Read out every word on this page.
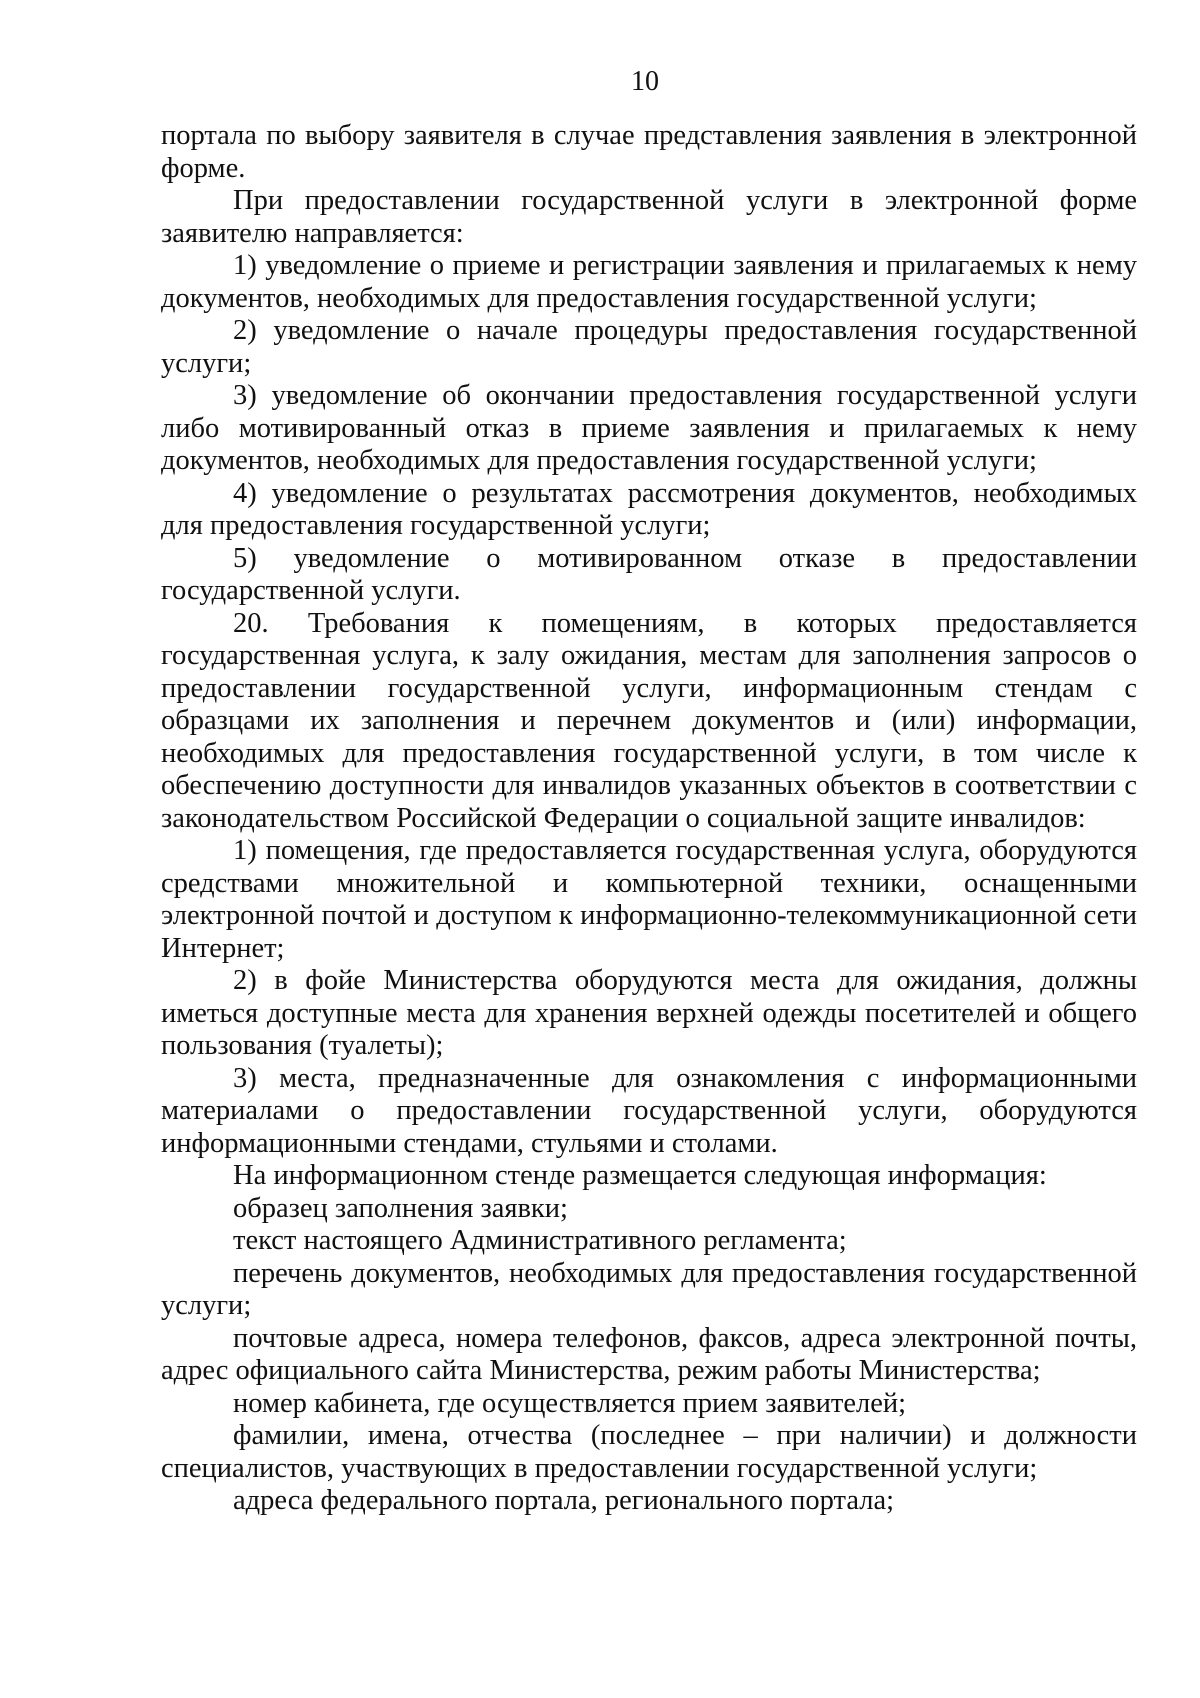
10

портала по выбору заявителя в случае представления заявления в электронной форме.

При предоставлении государственной услуги в электронной форме заявителю направляется:

1) уведомление о приеме и регистрации заявления и прилагаемых к нему документов, необходимых для предоставления государственной услуги;

2) уведомление о начале процедуры предоставления государственной услуги;

3) уведомление об окончании предоставления государственной услуги либо мотивированный отказ в приеме заявления и прилагаемых к нему документов, необходимых для предоставления государственной услуги;

4) уведомление о результатах рассмотрения документов, необходимых для предоставления государственной услуги;

5) уведомление о мотивированном отказе в предоставлении государственной услуги.

20. Требования к помещениям, в которых предоставляется государственная услуга, к залу ожидания, местам для заполнения запросов о предоставлении государственной услуги, информационным стендам с образцами их заполнения и перечнем документов и (или) информации, необходимых для предоставления государственной услуги, в том числе к обеспечению доступности для инвалидов указанных объектов в соответствии с законодательством Российской Федерации о социальной защите инвалидов:

1) помещения, где предоставляется государственная услуга, оборудуются средствами множительной и компьютерной техники, оснащенными электронной почтой и доступом к информационно-телекоммуникационной сети Интернет;

2) в фойе Министерства оборудуются места для ожидания, должны иметься доступные места для хранения верхней одежды посетителей и общего пользования (туалеты);

3) места, предназначенные для ознакомления с информационными материалами о предоставлении государственной услуги, оборудуются информационными стендами, стульями и столами.

На информационном стенде размещается следующая информация:

образец заполнения заявки;

текст настоящего Административного регламента;

перечень документов, необходимых для предоставления государственной услуги;

почтовые адреса, номера телефонов, факсов, адреса электронной почты, адрес официального сайта Министерства, режим работы Министерства;

номер кабинета, где осуществляется прием заявителей;

фамилии, имена, отчества (последнее – при наличии) и должности специалистов, участвующих в предоставлении государственной услуги;

адреса федерального портала, регионального портала;
